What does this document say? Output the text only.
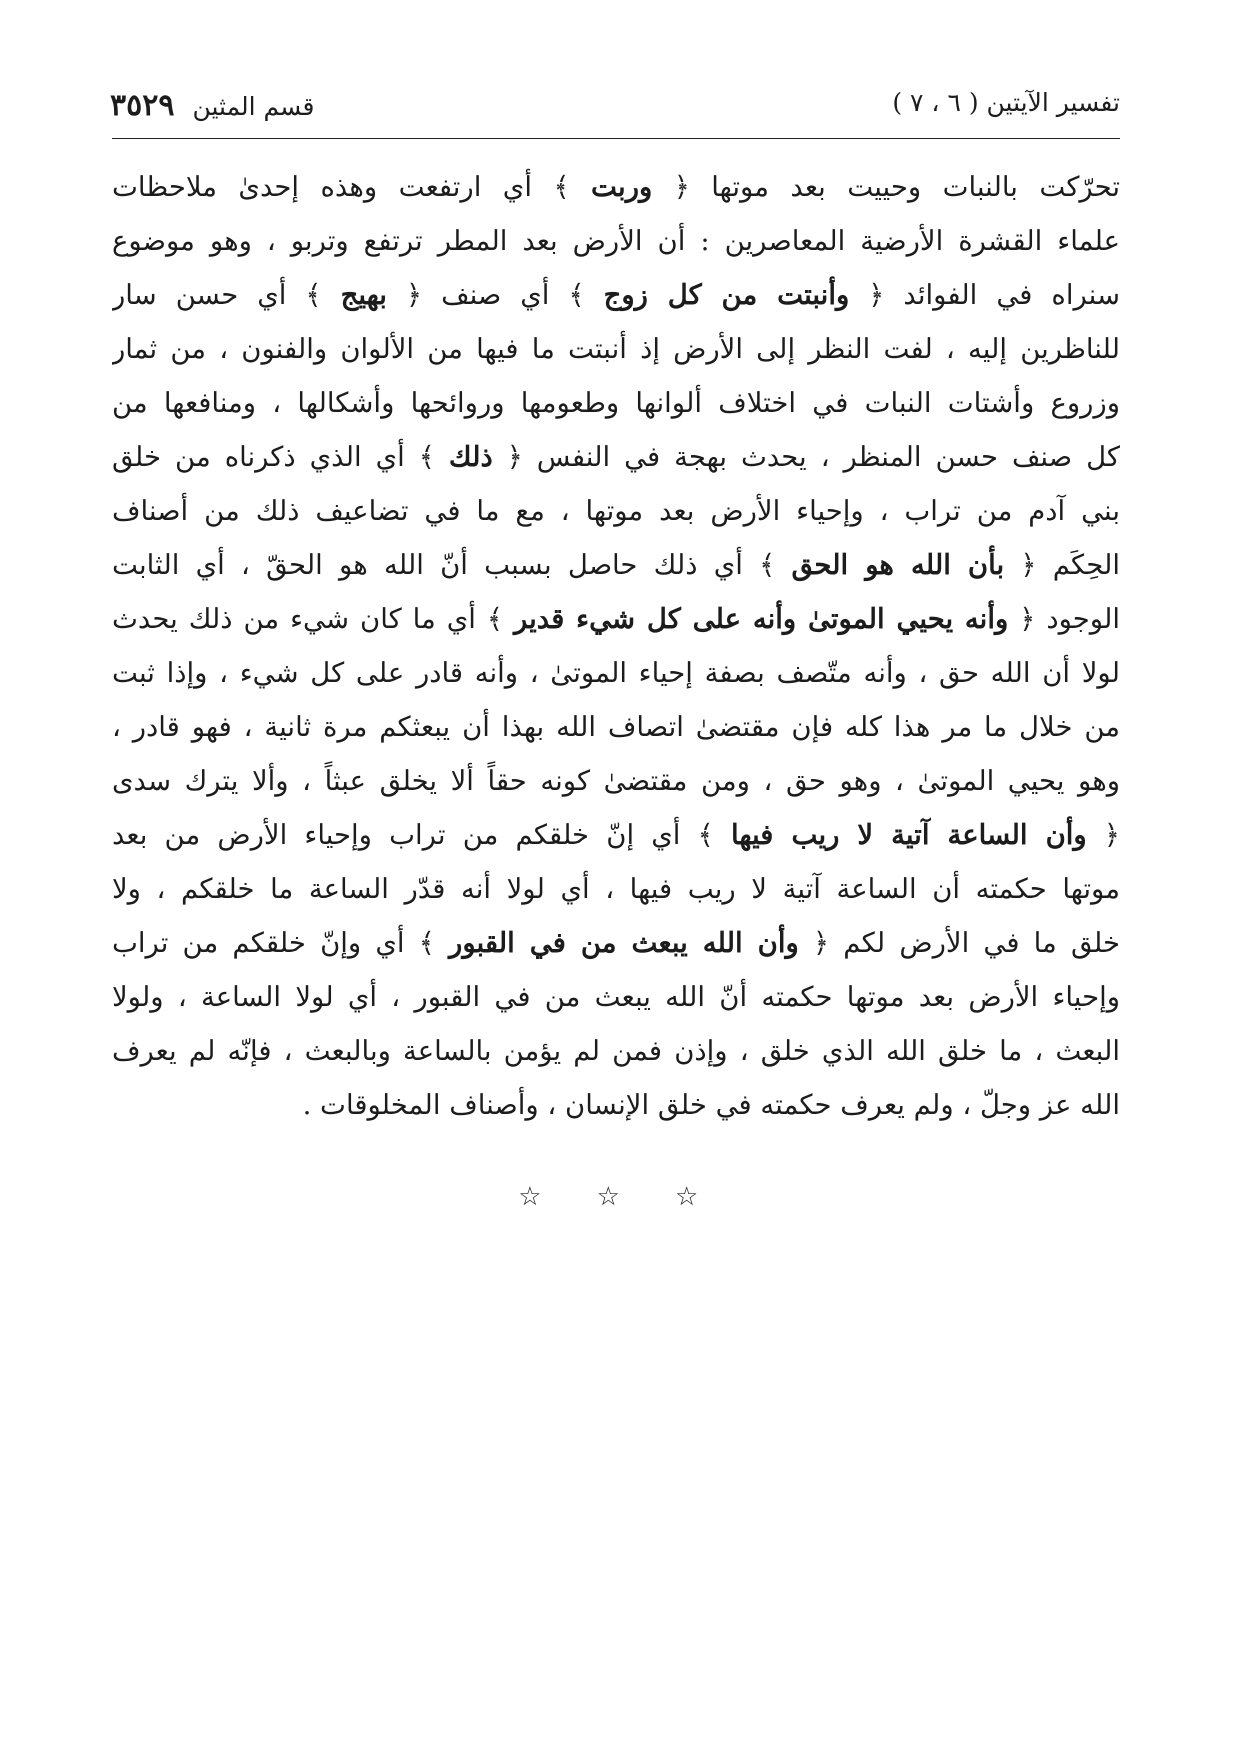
٣٥٢٩ قسم المثين	تفسير الآيتين ( ٦ ، ٧ )
تحرّكت بالنبات وحييت بعد موتها ﴿ وربت ﴾ أي ارتفعت وهذه إحدىٰ ملاحظات
علماء القشرة الأرضية المعاصرين : أن الأرض بعد المطر ترتفع وتربو ، وهو موضوع
سنراه في الفوائد ﴿ وأنبتت من كل زوج ﴾ أي صنف ﴿ بهيج ﴾ أي حسن سار
للناظرين إليه ، لفت النظر إلى الأرض إذ أنبتت ما فيها من الألوان والفنون ، من ثمار
وزروع وأشتات النبات في اختلاف ألوانها وطعومها وروائحها وأشكالها ، ومنافعها من
كل صنف حسن المنظر ، يحدث بهجة في النفس ﴿ ذلك ﴾ أي الذي ذكرناه من خلق
بني آدم من تراب ، وإحياء الأرض بعد موتها ، مع ما في تضاعيف ذلك من أصناف
الحِكَم ﴿ بأن الله هو الحق ﴾ أي ذلك حاصل بسبب أنّ الله هو الحقّ ، أي الثابت
الوجود ﴿ وأنه يحيي الموتىٰ وأنه على كل شيء قدير ﴾ أي ما كان شيء من ذلك يحدث
لولا أن الله حق ، وأنه متّصف بصفة إحياء الموتىٰ ، وأنه قادر على كل شيء ، وإذا ثبت
من خلال ما مر هذا كله فإن مقتضىٰ اتصاف الله بهذا أن يبعثكم مرة ثانية ، فهو قادر ،
وهو يحيي الموتىٰ ، وهو حق ، ومن مقتضىٰ كونه حقاً ألا يخلق عبثاً ، وألا يترك سدى
﴿ وأن الساعة آتية لا ريب فيها ﴾ أي إنّ خلقكم من تراب وإحياء الأرض من بعد
موتها حكمته أن الساعة آتية لا ريب فيها ، أي لولا أنه قدّر الساعة ما خلقكم ، ولا
خلق ما في الأرض لكم ﴿ وأن الله يبعث من في القبور ﴾ أي وإنّ خلقكم من تراب
وإحياء الأرض بعد موتها حكمته أنّ الله يبعث من في القبور ، أي لولا الساعة ، ولولا
البعث ، ما خلق الله الذي خلق ، وإذن فمن لم يؤمن بالساعة وبالبعث ، فإنّه لم يعرف
الله عز وجلّ ، ولم يعرف حكمته في خلق الإنسان ، وأصناف المخلوقات .
☆ ☆ ☆
